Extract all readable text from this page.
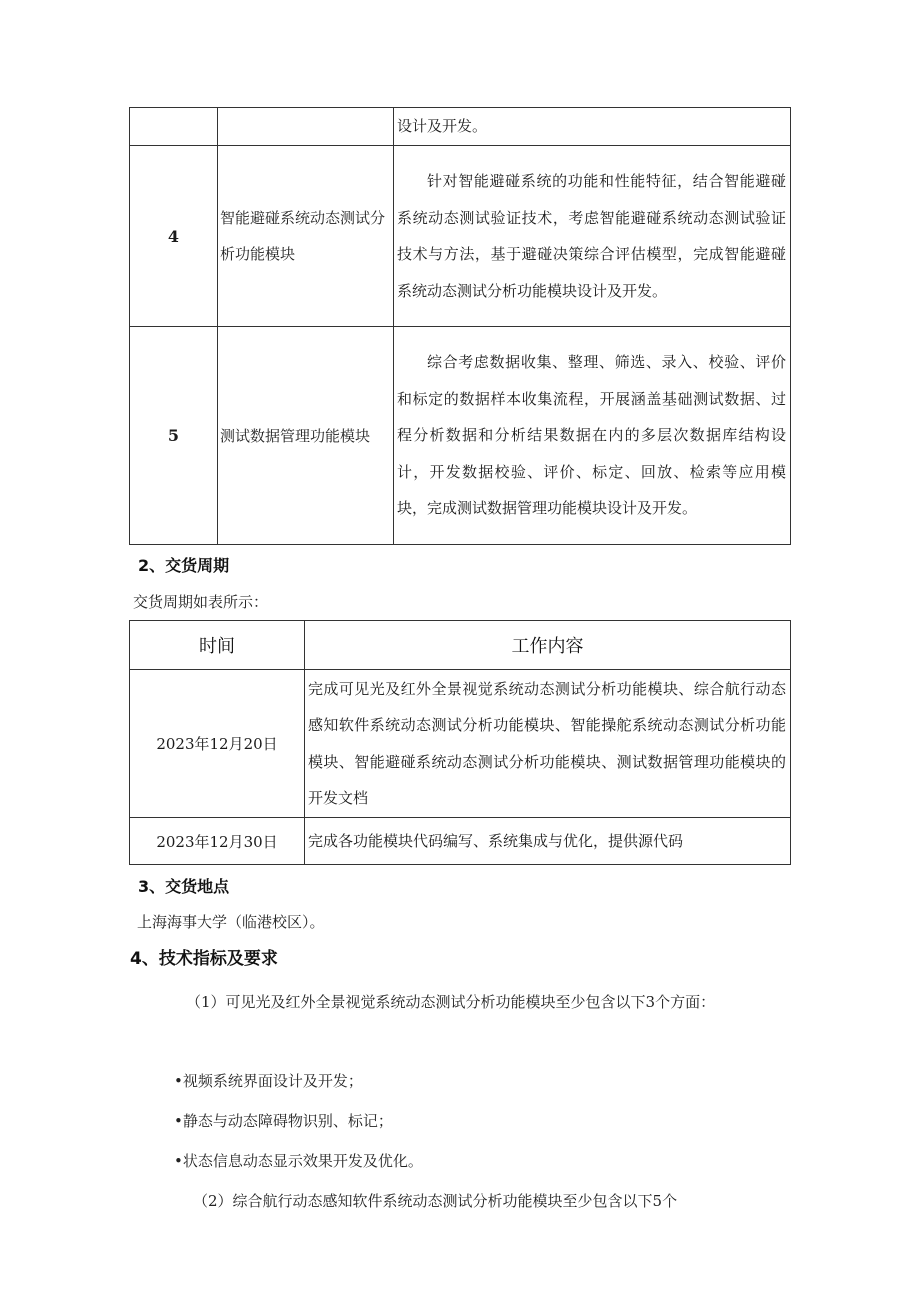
		设计及开发。

4	智能避碰系统动态测试分析功能模块	针对智能避碰系统的功能和性能特征，结合智能避碰系统动态测试验证技术，考虑智能避碰系统动态测试验证技术与方法，基于避碰决策综合评估模型，完成智能避碰系统动态测试分析功能模块设计及开发。

5	测试数据管理功能模块	综合考虑数据收集、整理、筛选、录入、校验、评价和标定的数据样本收集流程，开展涵盖基础测试数据、过程分析数据和分析结果数据在内的多层次数据库结构设计，开发数据校验、评价、标定、回放、检索等应用模块，完成测试数据管理功能模块设计及开发。

2、交货周期
交货周期如表所示：
时间	工作内容
2023年12月20日	完成可见光及红外全景视觉系统动态测试分析功能模块、综合航行动态感知软件系统动态测试分析功能模块、智能操舵系统动态测试分析功能模块、智能避碰系统动态测试分析功能模块、测试数据管理功能模块的开发文档
2023年12月30日	完成各功能模块代码编写、系统集成与优化，提供源代码
3、交货地点
上海海事大学（临港校区）。
4、技术指标及要求
（1）可见光及红外全景视觉系统动态测试分析功能模块至少包含以下3个方面：
•视频系统界面设计及开发；
•静态与动态障碍物识别、标记；
•状态信息动态显示效果开发及优化。
（2）综合航行动态感知软件系统动态测试分析功能模块至少包含以下5个
